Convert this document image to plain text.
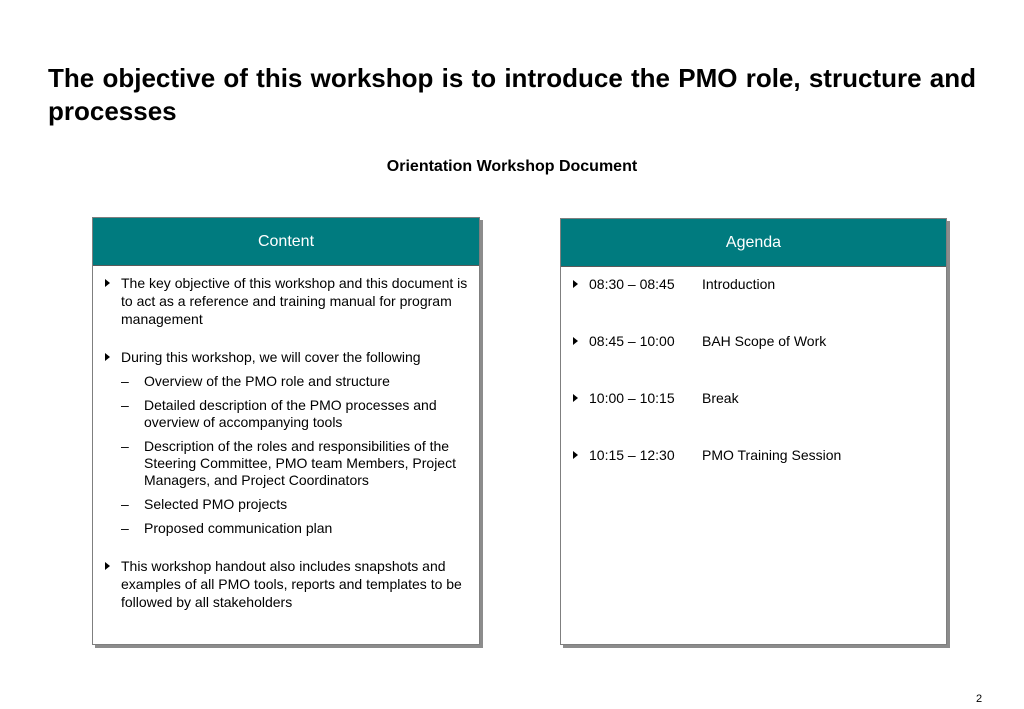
The objective of this workshop is to introduce the PMO role, structure and processes
Orientation Workshop Document
Content
The key objective of this workshop and this document is to act as a reference and training manual for program management
During this workshop, we will cover the following
–	Overview of the PMO role and structure
–	Detailed description of the PMO processes and overview of accompanying tools
–	Description of the roles and responsibilities of the Steering Committee, PMO team Members, Project Managers, and Project Coordinators
–	Selected PMO projects
–	Proposed communication plan
This workshop handout also includes snapshots and examples of all PMO tools, reports and templates to be followed by all stakeholders
Agenda
08:30 – 08:45	Introduction
08:45 – 10:00	BAH Scope of Work
10:00 – 10:15	Break
10:15 – 12:30	PMO Training Session
2
